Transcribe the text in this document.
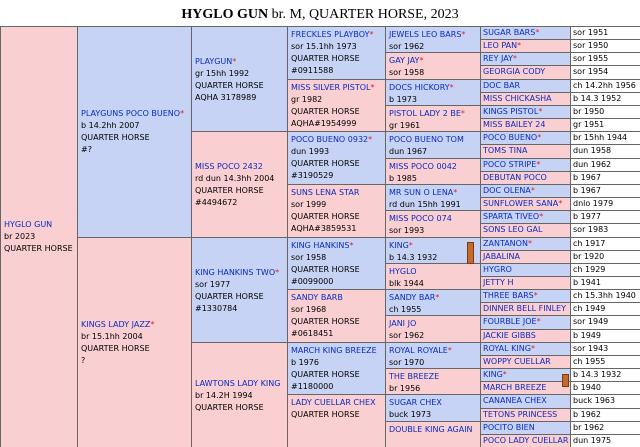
HYGLO GUN br. M, QUARTER HORSE, 2023
HYGLO GUN
br 2023
QUARTER HORSE
PLAYGUNS POCO BUENO*
b 14.2hh 2007
QUARTER HORSE
#?
KINGS LADY JAZZ*
br 15.1hh 2004
QUARTER HORSE
?
PLAYGUN*
gr 15hh 1992
QUARTER HORSE
AQHA 3178989
MISS POCO 2432
rd dun 14.3hh 2004
QUARTER HORSE
#4494672
KING HANKINS TWO*
sor 1977
QUARTER HORSE
#1330784
LAWTONS LADY KING
br 14.2H 1994
QUARTER HORSE
FRECKLES PLAYBOY*
sor 15.1hh 1973
QUARTER HORSE
#0911588
MISS SILVER PISTOL*
gr 1982
QUARTER HORSE
AQHA#1954999
POCO BUENO 0932*
dun 1993
QUARTER HORSE
#3190529
SUNS LENA STAR
sor 1999
QUARTER HORSE
AQHA#3859531
KING HANKINS*
sor 1958
QUARTER HORSE
#0099000
SANDY BARB
sor 1968
QUARTER HORSE
#0618451
MARCH KING BREEZE
b 1976
QUARTER HORSE
#1180000
LADY CUELLAR CHEX
QUARTER HORSE
JEWELS LEO BARS*
sor 1962
GAY JAY*
sor 1958
DOCS HICKORY*
b 1973
PISTOL LADY 2 BE*
gr 1961
POCO BUENO TOM
dun 1967
MISS POCO 0042
b 1985
MR SUN O LENA*
rd dun 15hh 1991
MISS POCO 074
sor 1993
KING*
b 14.3 1932
HYGLO
blk 1944
SANDY BAR*
ch 1955
JANI JO
sor 1962
ROYAL ROYALE*
sor 1970
THE BREEZE
br 1956
SUGAR CHEX
buck 1973
DOUBLE KING AGAIN
SUGAR BARS*	sor 1951
LEO PAN*	sor 1950
REY JAY*	sor 1955
GEORGIA CODY	sor 1954
DOC BAR	ch 14.2hh 1956
MISS CHICKASHA	b 14.3 1952
KINGS PISTOL*	br 1950
MISS BAILEY 24	gr 1951
POCO BUENO*	br 15hh 1944
TOMS TINA	dun 1958
POCO STRIPE*	dun 1962
DEBUTAN POCO	b 1967
DOC OLENA*	b 1967
SUNFLOWER SANA*	dnlo 1979
SPARTA TIVEO*	b 1977
SONS LEO GAL	sor 1983
ZANTANON*	ch 1917
JABALINA	br 1920
HYGRO	ch 1929
JETTY H	b 1941
THREE BARS*	ch 15.3hh 1940
DINNER BELL FINLEY ch 1949
FOURBLE JOE*	sor 1949
JACKIE GIBBS	b 1949
ROYAL KING*	sor 1943
WOPPY CUELLAR	ch 1955
KING*	b 14.3 1932
MARCH BREEZE	b 1940
CANANEA CHEX	buck 1963
TETONS PRINCESS	b 1962
POCITO BIEN	br 1962
POCO LADY CUELLAR dun 1975
